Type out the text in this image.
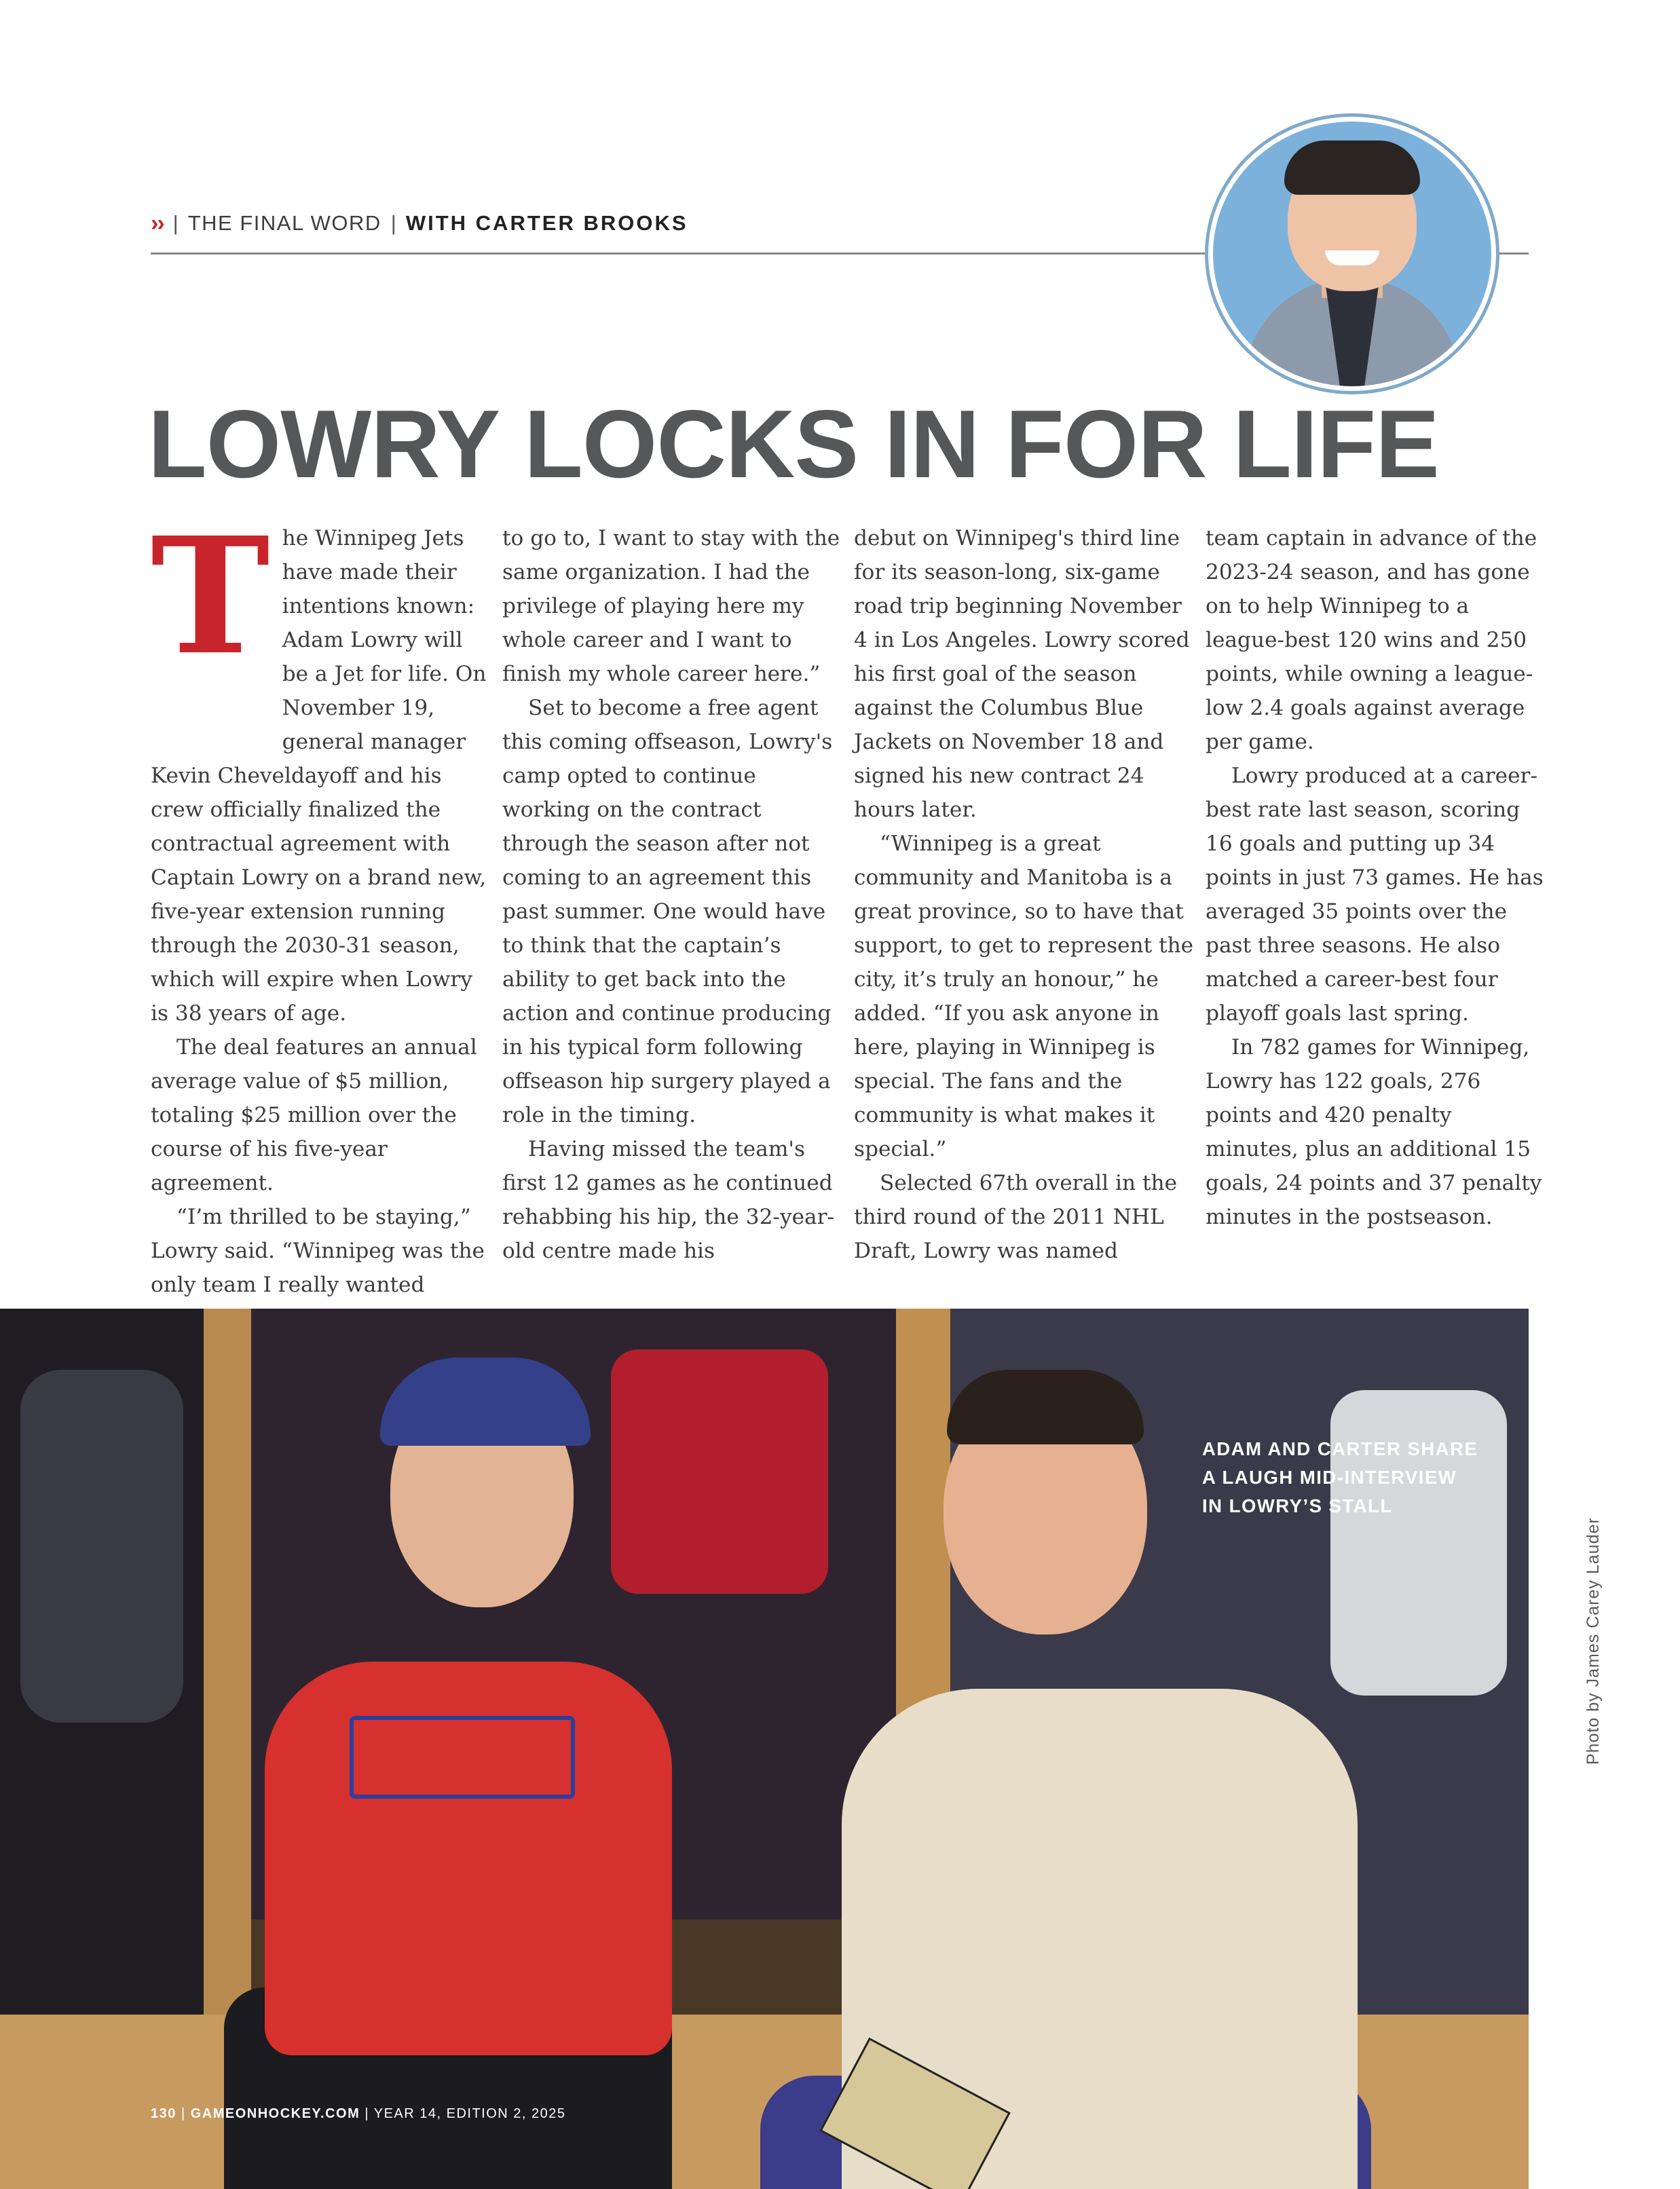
›› | THE FINAL WORD | WITH CARTER BROOKS
LOWRY LOCKS IN FOR LIFE

The Winnipeg Jets have made their intentions known: Adam Lowry will be a Jet for life. On November 19, general manager Kevin Cheveldayoff and his crew officially finalized the contractual agreement with Captain Lowry on a brand new, five-year extension running through the 2030-31 season, which will expire when Lowry is 38 years of age.

The deal features an annual average value of $5 million, totaling $25 million over the course of his five-year agreement.

“I’m thrilled to be staying,” Lowry said. “Winnipeg was the only team I really wanted

to go to, I want to stay with the same organization. I had the privilege of playing here my whole career and I want to finish my whole career here.”

Set to become a free agent this coming offseason, Lowry's camp opted to continue working on the contract through the season after not coming to an agreement this past summer. One would have to think that the captain’s ability to get back into the action and continue producing in his typical form following offseason hip surgery played a role in the timing.

Having missed the team's first 12 games as he continued rehabbing his hip, the 32-year-old centre made his

debut on Winnipeg's third line for its season-long, six-game road trip beginning November 4 in Los Angeles. Lowry scored his first goal of the season against the Columbus Blue Jackets on November 18 and signed his new contract 24 hours later.

“Winnipeg is a great community and Manitoba is a great province, so to have that support, to get to represent the city, it’s truly an honour,” he added. “If you ask anyone in here, playing in Winnipeg is special. The fans and the community is what makes it special.”

Selected 67th overall in the third round of the 2011 NHL Draft, Lowry was named

team captain in advance of the 2023-24 season, and has gone on to help Winnipeg to a league-best 120 wins and 250 points, while owning a league-low 2.4 goals against average per game.

Lowry produced at a career-best rate last season, scoring 16 goals and putting up 34 points in just 73 games. He has averaged 35 points over the past three seasons. He also matched a career-best four playoff goals last spring.

In 782 games for Winnipeg, Lowry has 122 goals, 276 points and 420 penalty minutes, plus an additional 15 goals, 24 points and 37 penalty minutes in the postseason.

ADAM AND CARTER SHARE
A LAUGH MID-INTERVIEW
IN LOWRY’S STALL
Photo by James Carey Lauder
130 | GAMEONHOCKEY.COM | YEAR 14, EDITION 2, 2025
